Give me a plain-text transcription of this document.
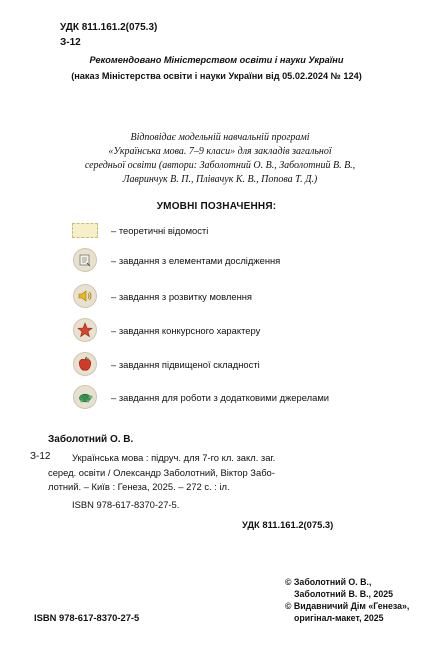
УДК 811.161.2(075.3)
З-12
Рекомендовано Міністерством освіти і науки України
(наказ Міністерства освіти і науки України від 05.02.2024 № 124)
Відповідає модельній навчальній програмі
«Українська мова. 7–9 класи» для закладів загальної
середньої освіти (автори: Заболотний О. В., Заболотний В. В.,
Лавринчук В. П., Плівачук К. В., Попова Т. Д.)
УМОВНІ ПОЗНАЧЕННЯ:
– теоретичні відомості
– завдання з елементами дослідження
– завдання з розвитку мовлення
– завдання конкурсного характеру
– завдання підвищеної складності
– завдання для роботи з додатковими джерелами
Заболотний О. В.
З-12	Українська мова : підруч. для 7-го кл. закл. заг.
серед. освіти / Олександр Заболотний, Віктор Забо-
лотний. – Київ : Генеза, 2025. – 272 с. : іл.
ISBN 978-617-8370-27-5.
УДК 811.161.2(075.3)
© Заболотний О. В.,
Заболотний В. В., 2025
© Видавничий Дім «Генеза»,
оригінал-макет, 2025
ISBN 978-617-8370-27-5
